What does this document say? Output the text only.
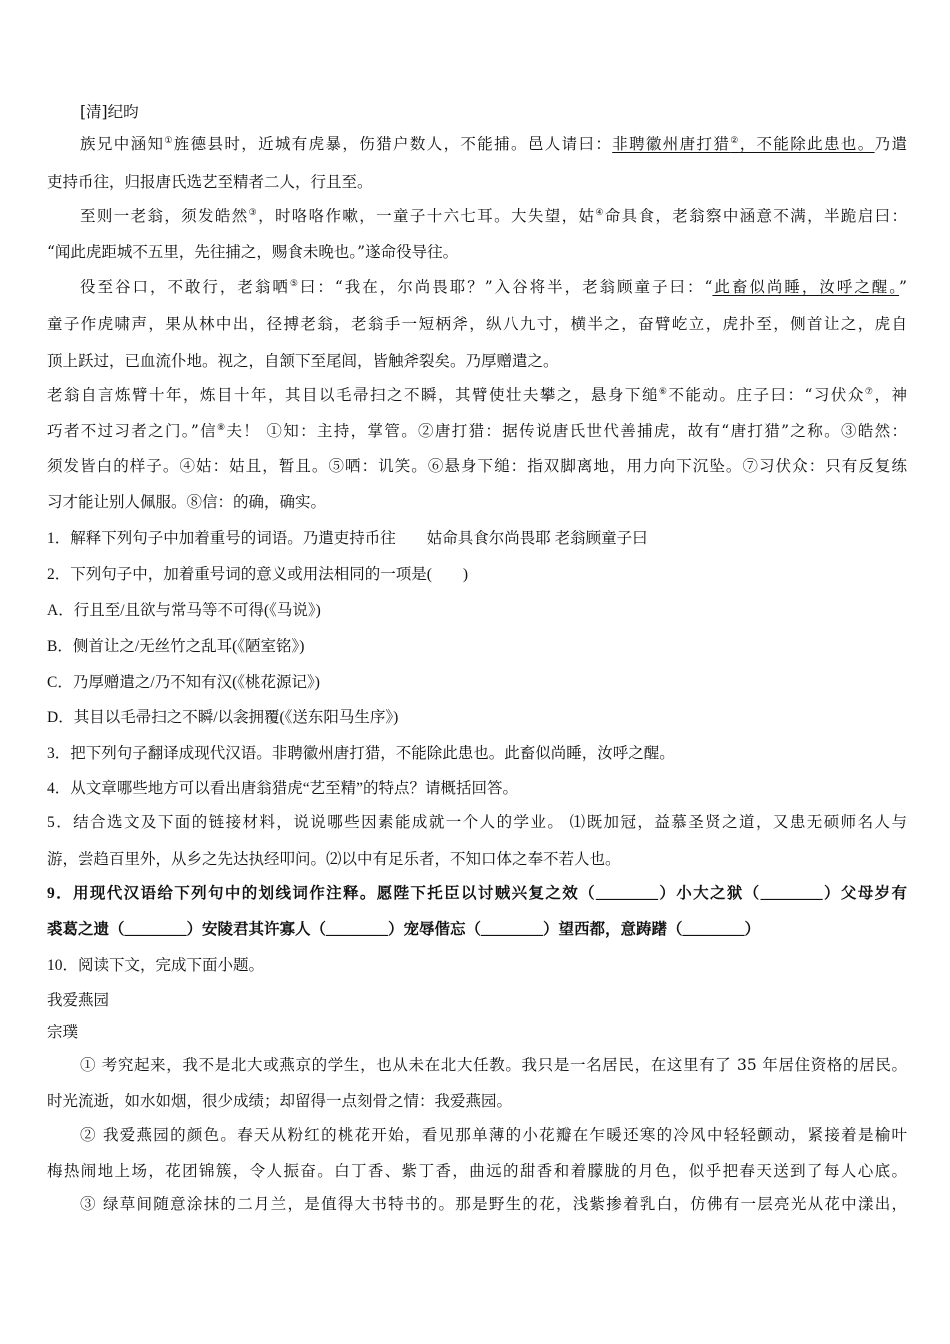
[清]纪昀
族兄中涵知①旌德县时，近城有虎暴，伤猎户数人，不能捕。邑人请曰：非聘徽州唐打猎②，不能除此患也。乃遣
吏持币往，归报唐氏选艺至精者二人，行且至。
至则一老翁，须发皓然③，时咯咯作嗽，一童子十六七耳。大失望，姑④命具食，老翁察中涵意不满，半跪启曰：
“闻此虎距城不五里，先往捕之，赐食未晚也。”遂命役导往。
役至谷口，不敢行，老翁哂⑤曰：“我在，尔尚畏耶？”入谷将半，老翁顾童子曰：“此畜似尚睡，汝呼之醒。”
童子作虎啸声，果从林中出，径搏老翁，老翁手一短柄斧，纵八九寸，横半之，奋臂屹立，虎扑至，侧首让之，虎自
顶上跃过，已血流仆地。视之，自颔下至尾闾，皆触斧裂矣。乃厚赠遣之。
老翁自言炼臂十年，炼目十年，其目以毛帚扫之不瞬，其臂使壮夫攀之，悬身下缒⑥不能动。庄子曰：“习伏众⑦，神
巧者不过习者之门。”信⑧夫！ ①知：主持，掌管。②唐打猎：据传说唐氏世代善捕虎，故有“唐打猎”之称。③皓然：
须发皆白的样子。④姑：姑且，暂且。⑤哂：讥笑。⑥悬身下缒：指双脚离地，用力向下沉坠。⑦习伏众：只有反复练
习才能让别人佩服。⑧信：的确，确实。
1．解释下列句子中加着重号的词语。乃遣吏持币往　　姑命具食尔尚畏耶 老翁顾童子曰
2．下列句子中，加着重号词的意义或用法相同的一项是(　　)
A．行且至/且欲与常马等不可得(《马说》)
B．侧首让之/无丝竹之乱耳(《陋室铭》)
C．乃厚赠遣之/乃不知有汉(《桃花源记》)
D．其目以毛帚扫之不瞬/以衾拥覆(《送东阳马生序》)
3．把下列句子翻译成现代汉语。非聘徽州唐打猎，不能除此患也。此畜似尚睡，汝呼之醒。
4．从文章哪些地方可以看出唐翁猎虎“艺至精”的特点？请概括回答。
5．结合选文及下面的链接材料，说说哪些因素能成就一个人的学业。 ⑴既加冠，益慕圣贤之道，又患无硕师名人与
游，尝趋百里外，从乡之先达执经叩问。⑵以中有足乐者，不知口体之奉不若人也。
9．用现代汉语给下列句中的划线词作注释。愿陛下托臣以讨贼兴复之效（________）小大之狱（________）父母岁有
裘葛之遗（________）安陵君其许寡人（________）宠辱偕忘（________）望西都，意踌躇（________）
10．阅读下文，完成下面小题。
我爱燕园
宗璞
① 考究起来，我不是北大或燕京的学生，也从未在北大任教。我只是一名居民，在这里有了 35 年居住资格的居民。
时光流逝，如水如烟，很少成绩；却留得一点刻骨之情：我爱燕园。
② 我爱燕园的颜色。春天从粉红的桃花开始，看见那单薄的小花瓣在乍暖还寒的冷风中轻轻颤动，紧接着是榆叶
梅热闹地上场，花团锦簇，令人振奋。白丁香、紫丁香，曲远的甜香和着朦胧的月色，似乎把春天送到了每人心底。
③ 绿草间随意涂抹的二月兰，是值得大书特书的。那是野生的花，浅紫掺着乳白，仿佛有一层亮光从花中漾出，
